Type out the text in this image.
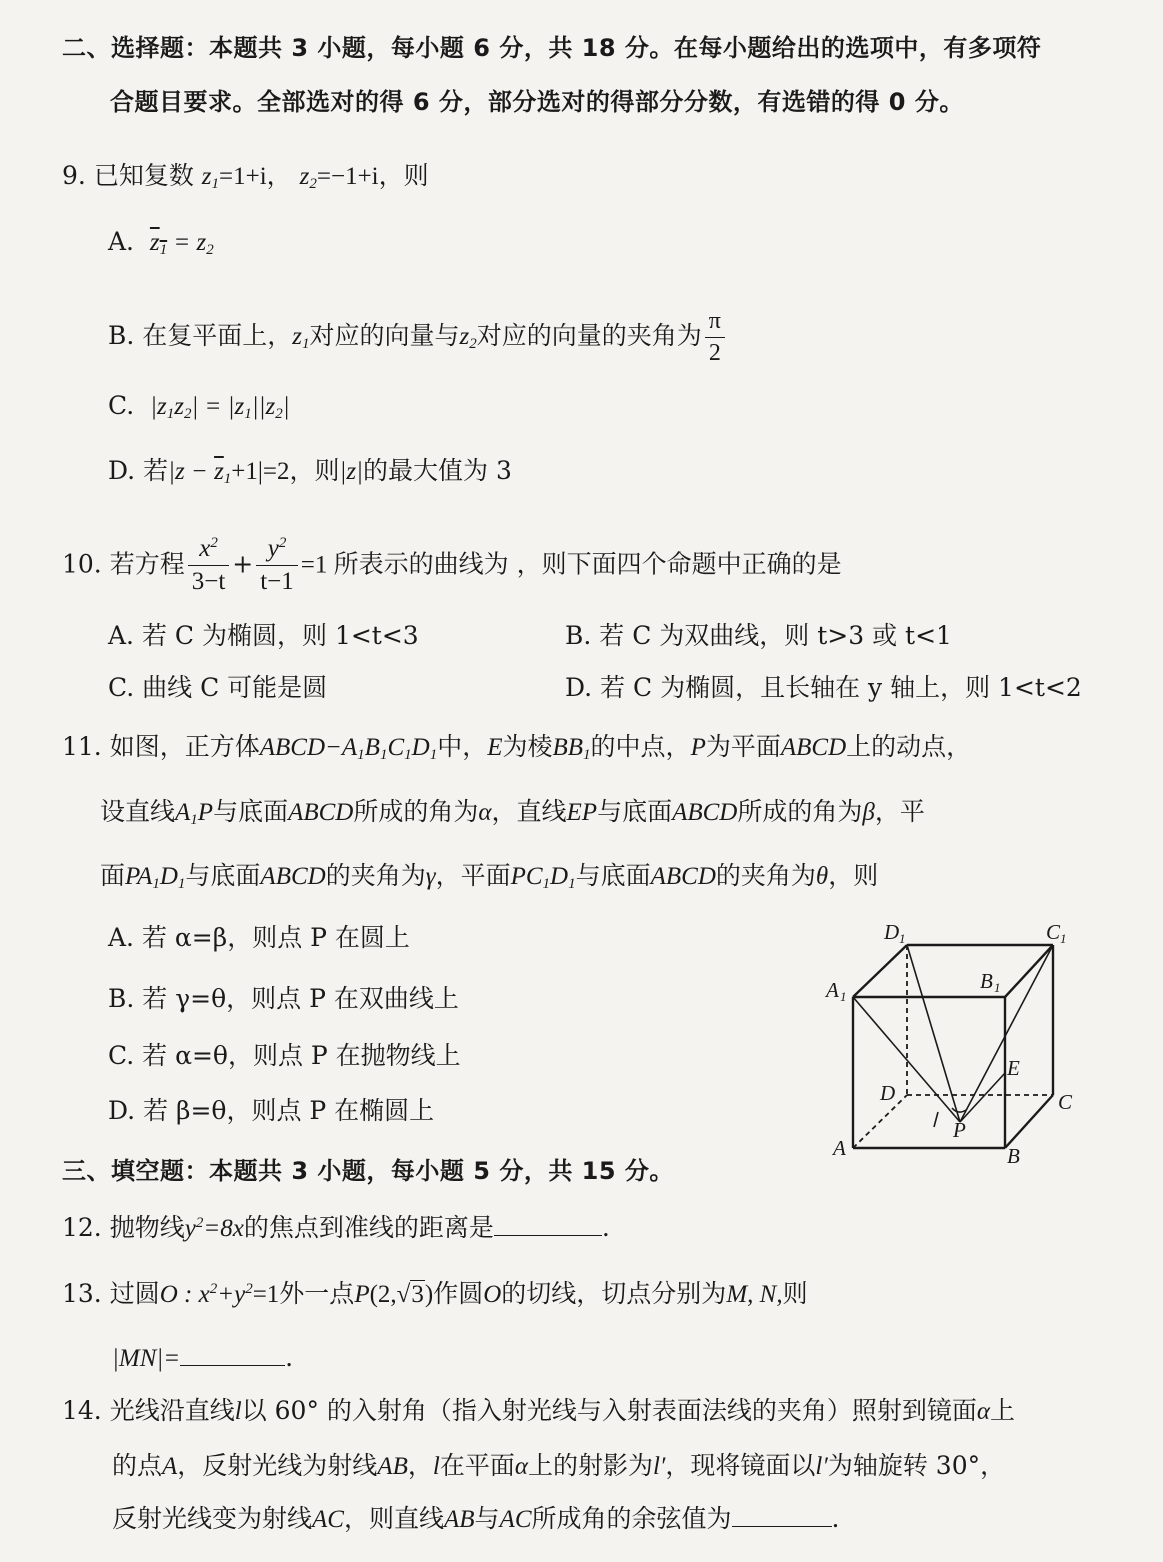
二、选择题：本题共 3 小题，每小题 6 分，共 18 分。在每小题给出的选项中，有多项符
合题目要求。全部选对的得 6 分，部分选对的得部分分数，有选错的得 0 分。
9. 已知复数 $z_1=1+i$， $z_2=-1+i$，则
A. $z_1 = z_2$
B. 在复平面上，$z_1$对应的向量与$z_2$对应的向量的夹角为 $\frac{\pi}{2}$
C. $|z_1z_2| = |z_1||z_2|$
D. 若$|z - \overline{z}_1+1|=2$，则|z|的最大值为 3
10. 若方程 $\frac{x^2}{3-t} + \frac{y^2}{t-1} =1$ 所表示的曲线为 ，则下面四个命题中正确的是
A. 若 C 为椭圆，则 1<t<3	B. 若 C 为双曲线，则 t>3 或 t<1
C. 曲线 C 可能是圆	D. 若 C 为椭圆，且长轴在 y 轴上，则 1<t<2
11. 如图，正方体$ABCD-A_1B_1C_1D_1$中，E为棱$BB_1$的中点，P为平面ABCD上的动点，
设直线$A_1P$与底面ABCD所成的角为α，直线EP与底面ABCD所成的角为β，平
面$PA_1D_1$与底面ABCD的夹角为γ，平面$PC_1D_1$与底面ABCD的夹角为θ，则
A. 若 α=β，则点 P 在圆上
B. 若 γ=θ，则点 P 在双曲线上
C. 若 α=θ，则点 P 在抛物线上
D. 若 β=θ，则点 P 在椭圆上
D 1	C 1
A 1
B 1
E
D	C
P
A	B
三、填空题：本题共 3 小题，每小题 5 分，共 15 分。
12. 抛物线$y^2=8x$的焦点到准线的距离是	.
13. 过圆O : $x^2+y^2=1$外一点P(2,√3)作圆O的切线，切点分别为M, N,则
|MN|=	.
14. 光线沿直线l以 60° 的入射角（指入射光线与入射表面法线的夹角）照射到镜面α上
的点A，反射光线为射线AB，l在平面α上的射影为l′，现将镜面以l′为轴旋转 30°，
反射光线变为射线AC，则直线AB与AC所成角的余弦值为	.
